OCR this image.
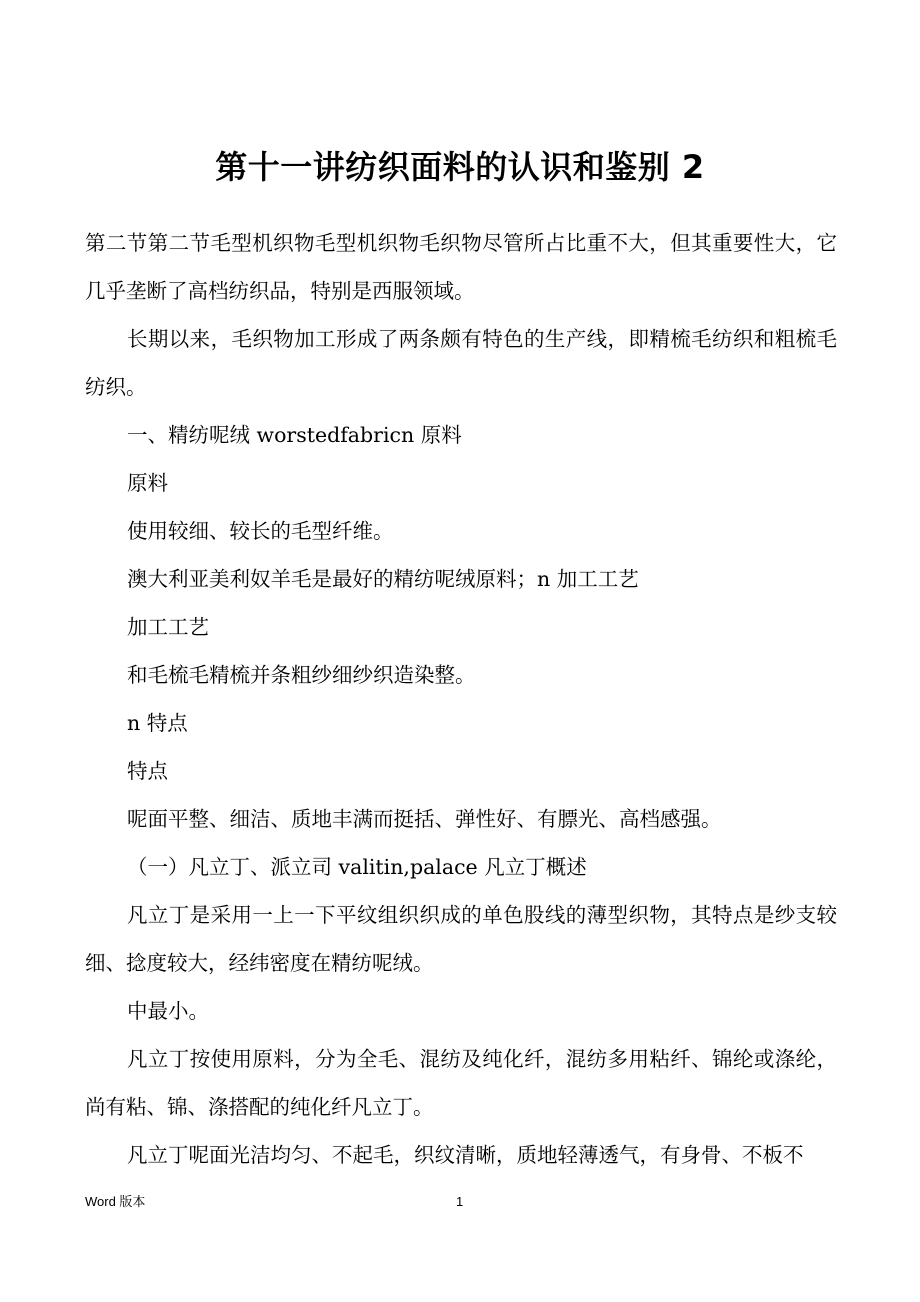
第十一讲纺织面料的认识和鉴别 2

第二节第二节毛型机织物毛型机织物毛织物尽管所占比重不大，但其重要性大，它几乎垄断了高档纺织品，特别是西服领域。

长期以来，毛织物加工形成了两条颇有特色的生产线，即精梳毛纺织和粗梳毛纺织。

一、精纺呢绒 worstedfabricn 原料

原料

使用较细、较长的毛型纤维。

澳大利亚美利奴羊毛是最好的精纺呢绒原料；n 加工工艺

加工工艺

和毛梳毛精梳并条粗纱细纱织造染整。

n 特点

特点

呢面平整、细洁、质地丰满而挺括、弹性好、有膘光、高档感强。

（一）凡立丁、派立司 valitin,palace 凡立丁概述

凡立丁是采用一上一下平纹组织织成的单色股线的薄型织物，其特点是纱支较细、捻度较大，经纬密度在精纺呢绒。

中最小。

凡立丁按使用原料，分为全毛、混纺及纯化纤，混纺多用粘纤、锦纶或涤纶，尚有粘、锦、涤搭配的纯化纤凡立丁。

凡立丁呢面光洁均匀、不起毛，织纹清晰，质地轻薄透气，有身骨、不板不

Word 版本	1
